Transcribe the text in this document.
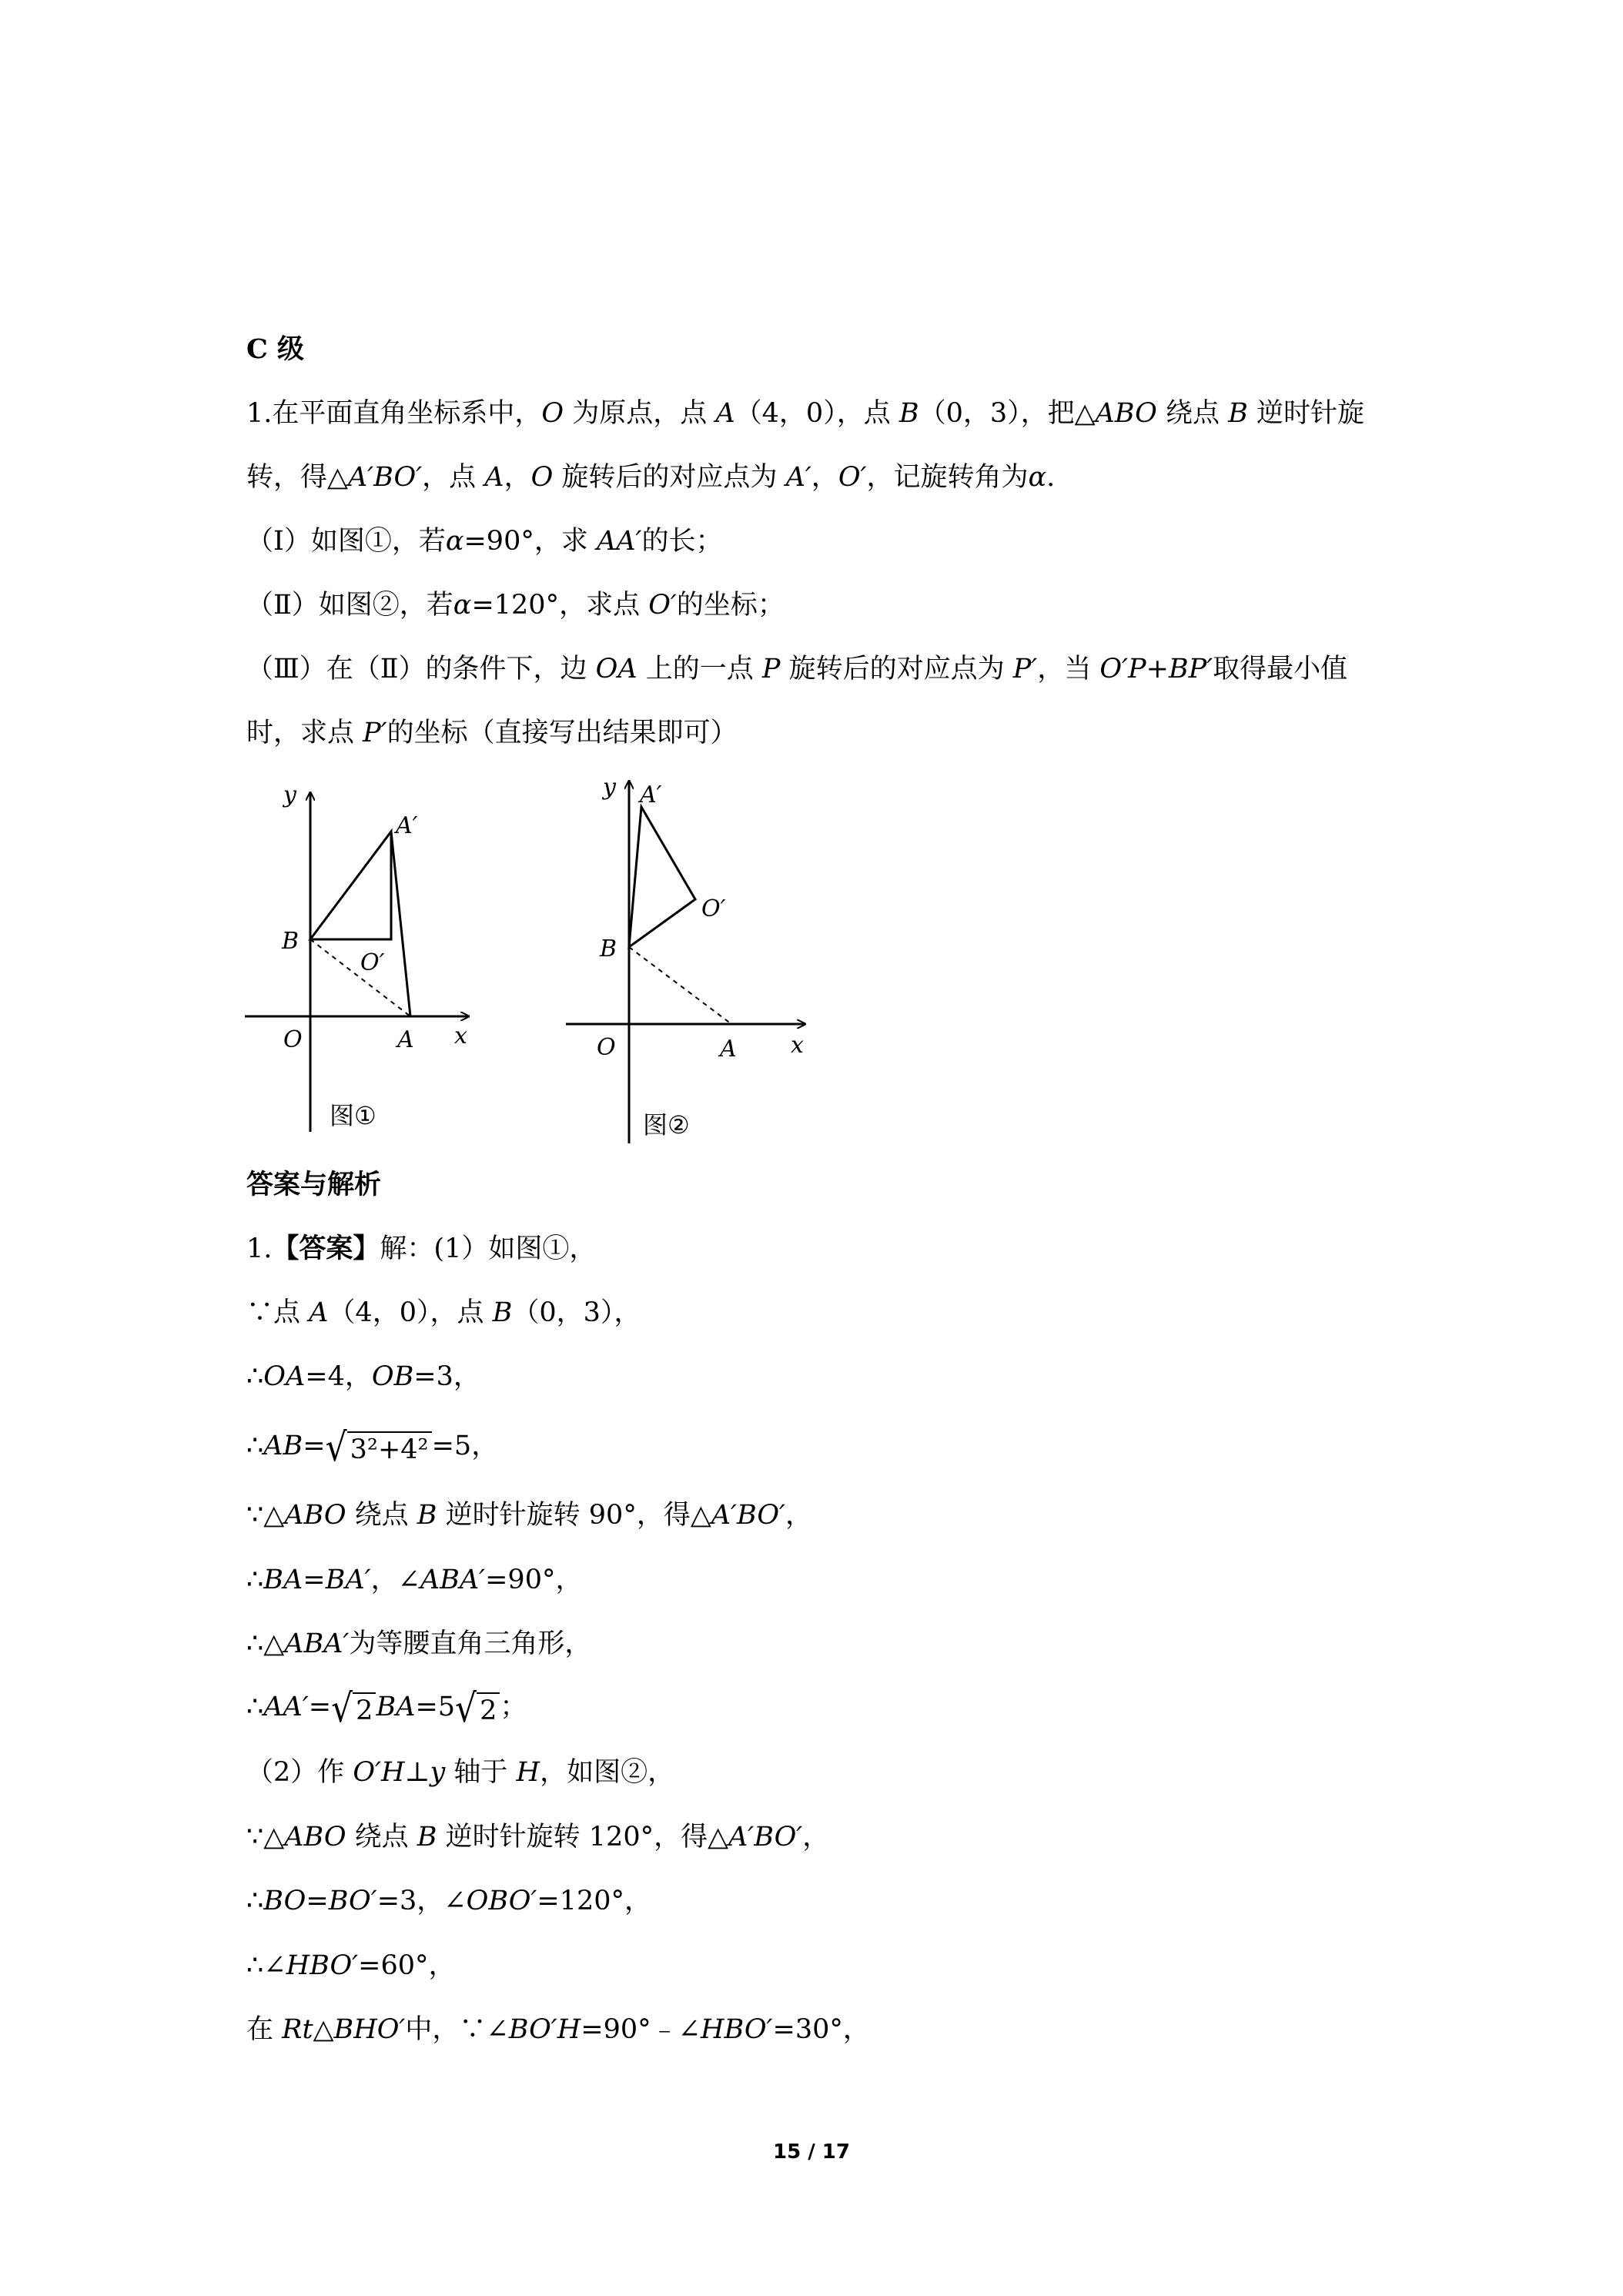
C 级
1.在平面直角坐标系中，O 为原点，点 A（4，0），点 B（0，3），把△ABO 绕点 B 逆时针旋
转，得△A′BO′，点 A，O 旋转后的对应点为 A′，O′，记旋转角为α.
（Ⅰ）如图①，若α=90°，求 AA′的长；
（Ⅱ）如图②，若α=120°，求点 O′的坐标；
（Ⅲ）在（Ⅱ）的条件下，边 OA 上的一点 P 旋转后的对应点为 P′，当 O′P+BP′取得最小值
时，求点 P′的坐标（直接写出结果即可）
y
x
O	A
B
A′
O′
图①
y
x
O	A
B
A′
O′
图②
答案与解析
1.【答案】解：(1）如图①，
∵点 A（4，0），点 B（0，3），
∴OA=4，OB=3，
∴AB=√ 3²+4² =5，
∵△ABO 绕点 B 逆时针旋转 90°，得△A′BO′，
∴BA=BA′，∠ABA′=90°，
∴△ABA′为等腰直角三角形，
∴AA′=√ 2 BA=5√ 2 ；
（2）作 O′H⊥y 轴于 H，如图②，
∵△ABO 绕点 B 逆时针旋转 120°，得△A′BO′，
∴BO=BO′=3，∠OBO′=120°，
∴∠HBO′=60°，
在 Rt△BHO′中，∵∠BO′H=90°﹣∠HBO′=30°，
15 / 17
